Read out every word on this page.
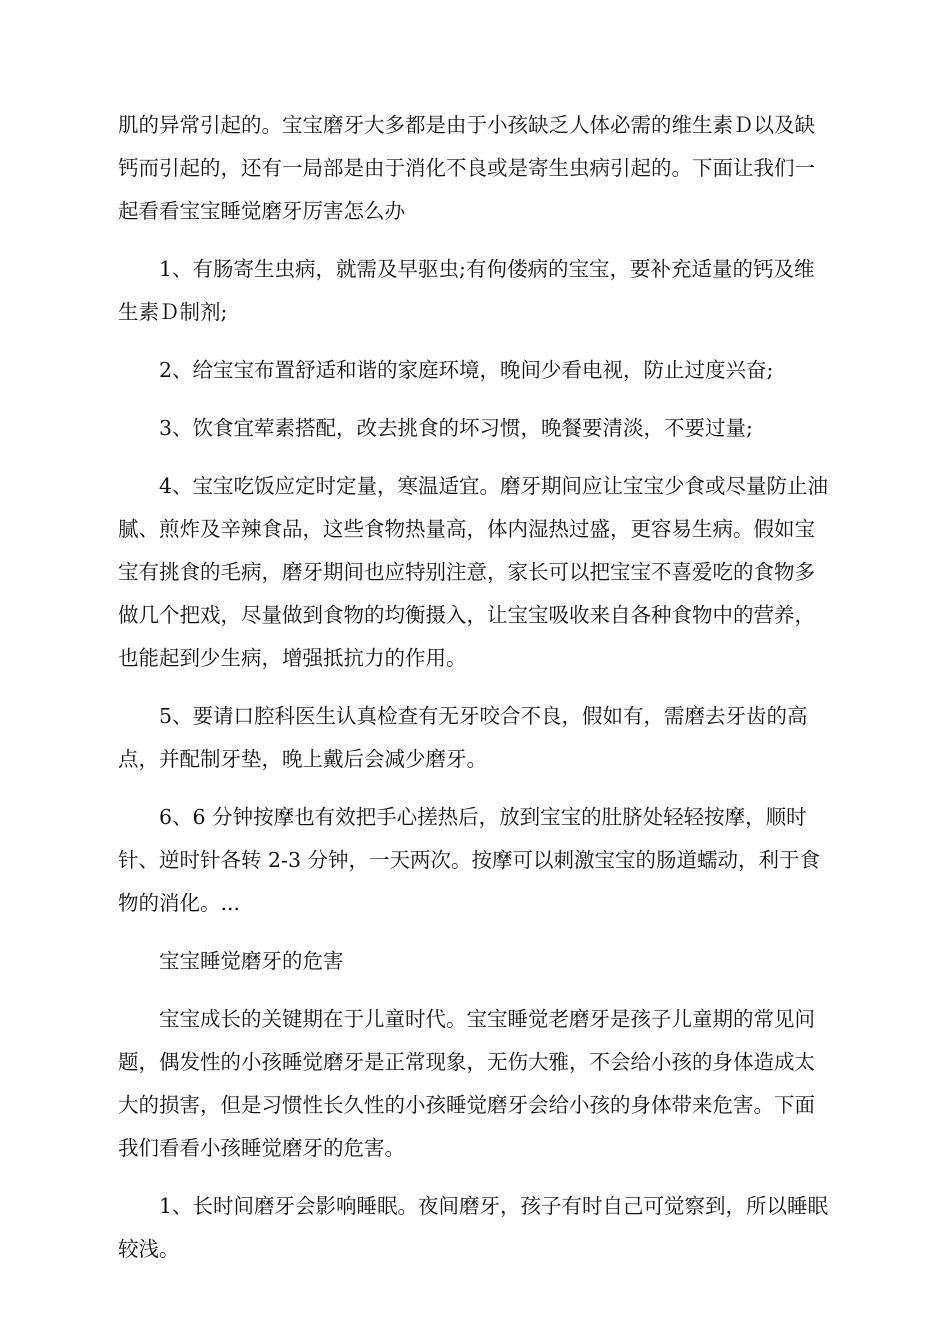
肌的异常引起的。宝宝磨牙大多都是由于小孩缺乏人体必需的维生素Ｄ以及缺钙而引起的，还有一局部是由于消化不良或是寄生虫病引起的。下面让我们一起看看宝宝睡觉磨牙厉害怎么办

1、有肠寄生虫病，就需及早驱虫;有佝偻病的宝宝，要补充适量的钙及维生素Ｄ制剂;

2、给宝宝布置舒适和谐的家庭环境，晚间少看电视，防止过度兴奋;

3、饮食宜荤素搭配，改去挑食的坏习惯，晚餐要清淡，不要过量;

4、宝宝吃饭应定时定量，寒温适宜。磨牙期间应让宝宝少食或尽量防止油腻、煎炸及辛辣食品，这些食物热量高，体内湿热过盛，更容易生病。假如宝宝有挑食的毛病，磨牙期间也应特别注意，家长可以把宝宝不喜爱吃的食物多做几个把戏，尽量做到食物的均衡摄入，让宝宝吸收来自各种食物中的营养，也能起到少生病，增强抵抗力的作用。

5、要请口腔科医生认真检查有无牙咬合不良，假如有，需磨去牙齿的高点，并配制牙垫，晚上戴后会减少磨牙。

6、6 分钟按摩也有效把手心搓热后，放到宝宝的肚脐处轻轻按摩，顺时针、逆时针各转 2-3 分钟，一天两次。按摩可以刺激宝宝的肠道蠕动，利于食物的消化。...

宝宝睡觉磨牙的危害

宝宝成长的关键期在于儿童时代。宝宝睡觉老磨牙是孩子儿童期的常见问题，偶发性的小孩睡觉磨牙是正常现象，无伤大雅，不会给小孩的身体造成太大的损害，但是习惯性长久性的小孩睡觉磨牙会给小孩的身体带来危害。下面我们看看小孩睡觉磨牙的危害。

1、长时间磨牙会影响睡眠。夜间磨牙，孩子有时自己可觉察到，所以睡眠较浅。
